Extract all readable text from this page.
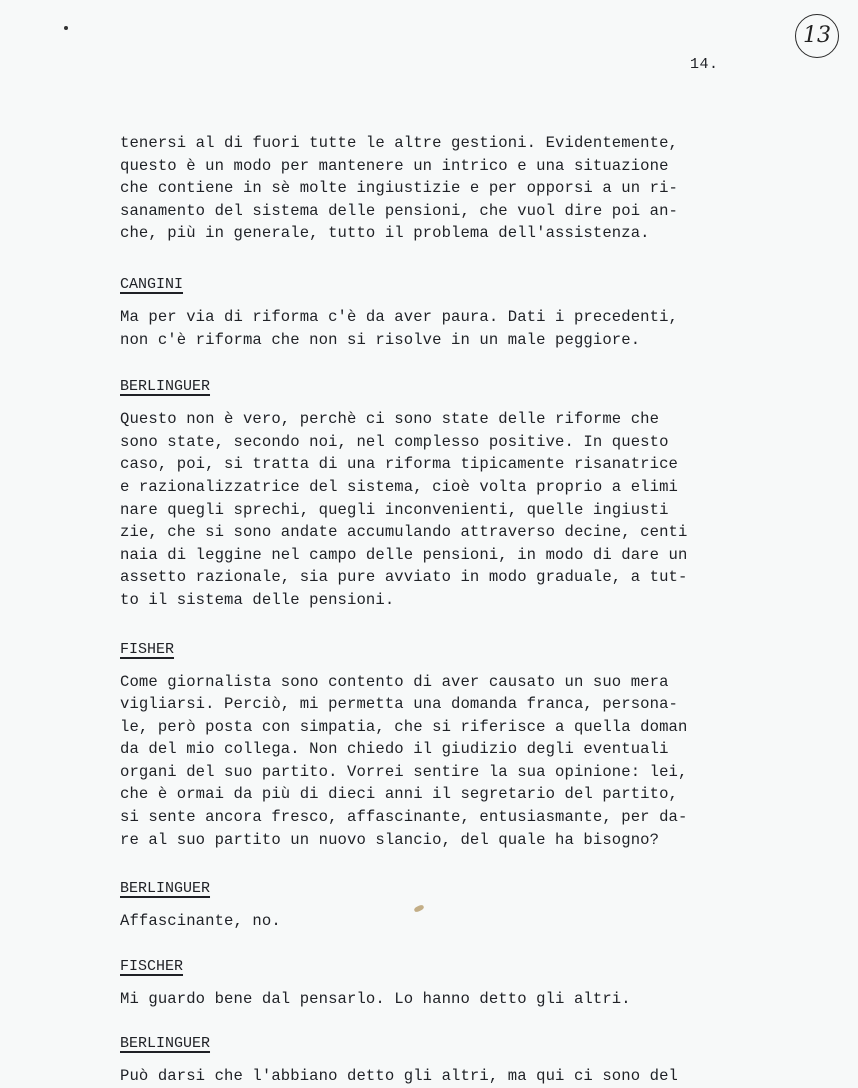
13
14.

tenersi al di fuori tutte le altre gestioni. Evidentemente,
questo è un modo per mantenere un intrico e una situazione
che contiene in sè molte ingiustizie e per opporsi a un ri-
sanamento del sistema delle pensioni, che vuol dire poi an-
che, più in generale, tutto il problema dell'assistenza.

CANGINI

Ma per via di riforma c'è da aver paura. Dati i precedenti,
non c'è riforma che non si risolve in un male peggiore.

BERLINGUER

Questo non è vero, perchè ci sono state delle riforme che
sono state, secondo noi, nel complesso positive. In questo
caso, poi, si tratta di una riforma tipicamente risanatrice
e razionalizzatrice del sistema, cioè volta proprio a elimi
nare quegli sprechi, quegli inconvenienti, quelle ingiusti
zie, che si sono andate accumulando attraverso decine, centi
naia di leggine nel campo delle pensioni, in modo di dare un
assetto razionale, sia pure avviato in modo graduale, a tut-
to il sistema delle pensioni.

FISHER

Come giornalista sono contento di aver causato un suo mera
vigliarsi. Perciò, mi permetta una domanda franca, persona-
le, però posta con simpatia, che si riferisce a quella doman
da del mio collega. Non chiedo il giudizio degli eventuali
organi del suo partito. Vorrei sentire la sua opinione: lei,
che è ormai da più di dieci anni il segretario del partito,
si sente ancora fresco, affascinante, entusiasmante, per da-
re al suo partito un nuovo slancio, del quale ha bisogno?

BERLINGUER

Affascinante, no.

FISCHER

Mi guardo bene dal pensarlo. Lo hanno detto gli altri.

BERLINGUER

Può darsi che l'abbiano detto gli altri, ma qui ci sono del
